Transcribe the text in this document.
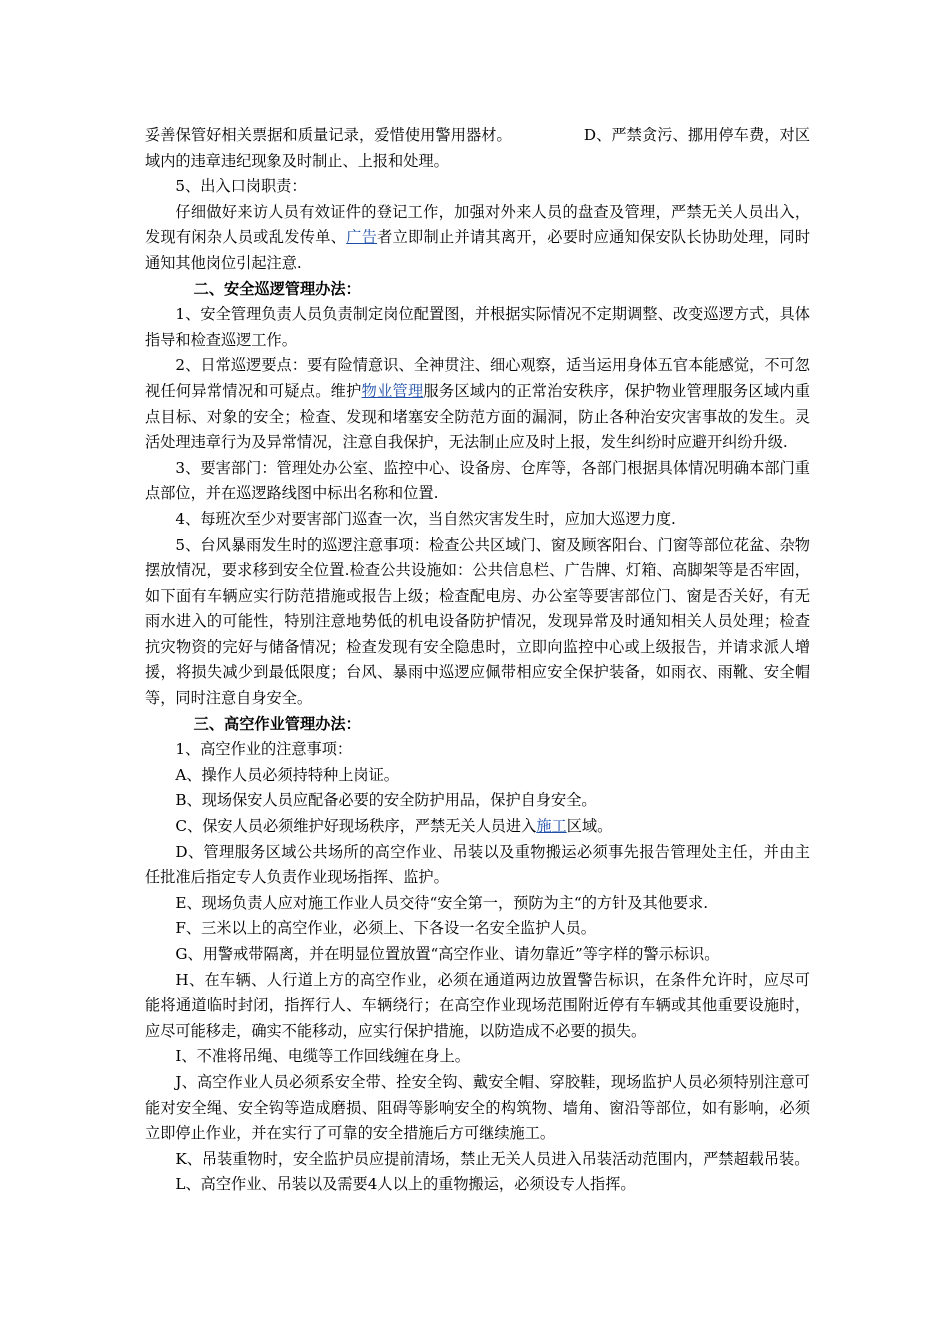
妥善保管好相关票据和质量记录，爱惜使用警用器材。	D、严禁贪污、挪用停车费，对区域内的违章违纪现象及时制止、上报和处理。

5、出入口岗职责：

仔细做好来访人员有效证件的登记工作，加强对外来人员的盘查及管理，严禁无关人员出入，发现有闲杂人员或乱发传单、广告者立即制止并请其离开，必要时应通知保安队长协助处理，同时通知其他岗位引起注意.

二、安全巡逻管理办法：

1、安全管理负责人员负责制定岗位配置图，并根据实际情况不定期调整、改变巡逻方式，具体指导和检查巡逻工作。

2、日常巡逻要点：要有险情意识、全神贯注、细心观察，适当运用身体五官本能感觉，不可忽视任何异常情况和可疑点。维护物业管理服务区域内的正常治安秩序，保护物业管理服务区域内重点目标、对象的安全；检查、发现和堵塞安全防范方面的漏洞，防止各种治安灾害事故的发生。灵活处理违章行为及异常情况，注意自我保护，无法制止应及时上报，发生纠纷时应避开纠纷升级.

3、要害部门：管理处办公室、监控中心、设备房、仓库等，各部门根据具体情况明确本部门重点部位，并在巡逻路线图中标出名称和位置.

4、每班次至少对要害部门巡查一次，当自然灾害发生时，应加大巡逻力度.

5、台风暴雨发生时的巡逻注意事项：检查公共区域门、窗及顾客阳台、门窗等部位花盆、杂物摆放情况，要求移到安全位置.检查公共设施如：公共信息栏、广告牌、灯箱、高脚架等是否牢固，如下面有车辆应实行防范措施或报告上级；检查配电房、办公室等要害部位门、窗是否关好，有无雨水进入的可能性，特别注意地势低的机电设备防护情况，发现异常及时通知相关人员处理；检查抗灾物资的完好与储备情况；检查发现有安全隐患时，立即向监控中心或上级报告，并请求派人增援，将损失减少到最低限度；台风、暴雨中巡逻应佩带相应安全保护装备，如雨衣、雨靴、安全帽等，同时注意自身安全。

三、高空作业管理办法：

1、高空作业的注意事项：

A、操作人员必须持特种上岗证。

B、现场保安人员应配备必要的安全防护用品，保护自身安全。

C、保安人员必须维护好现场秩序，严禁无关人员进入施工区域。

D、管理服务区域公共场所的高空作业、吊装以及重物搬运必须事先报告管理处主任，并由主任批准后指定专人负责作业现场指挥、监护。

E、现场负责人应对施工作业人员交待“安全第一，预防为主“的方针及其他要求.

F、三米以上的高空作业，必须上、下各设一名安全监护人员。

G、用警戒带隔离，并在明显位置放置“高空作业、请勿靠近”等字样的警示标识。

H、在车辆、人行道上方的高空作业，必须在通道两边放置警告标识，在条件允许时，应尽可能将通道临时封闭，指挥行人、车辆绕行；在高空作业现场范围附近停有车辆或其他重要设施时，应尽可能移走，确实不能移动，应实行保护措施，以防造成不必要的损失。

I、不准将吊绳、电缆等工作回线缠在身上。

J、高空作业人员必须系安全带、拴安全钩、戴安全帽、穿胶鞋，现场监护人员必须特别注意可能对安全绳、安全钩等造成磨损、阻碍等影响安全的构筑物、墙角、窗沿等部位，如有影响，必须立即停止作业，并在实行了可靠的安全措施后方可继续施工。

K、吊装重物时，安全监护员应提前清场，禁止无关人员进入吊装活动范围内，严禁超载吊装。

L、高空作业、吊装以及需要4人以上的重物搬运，必须设专人指挥。
